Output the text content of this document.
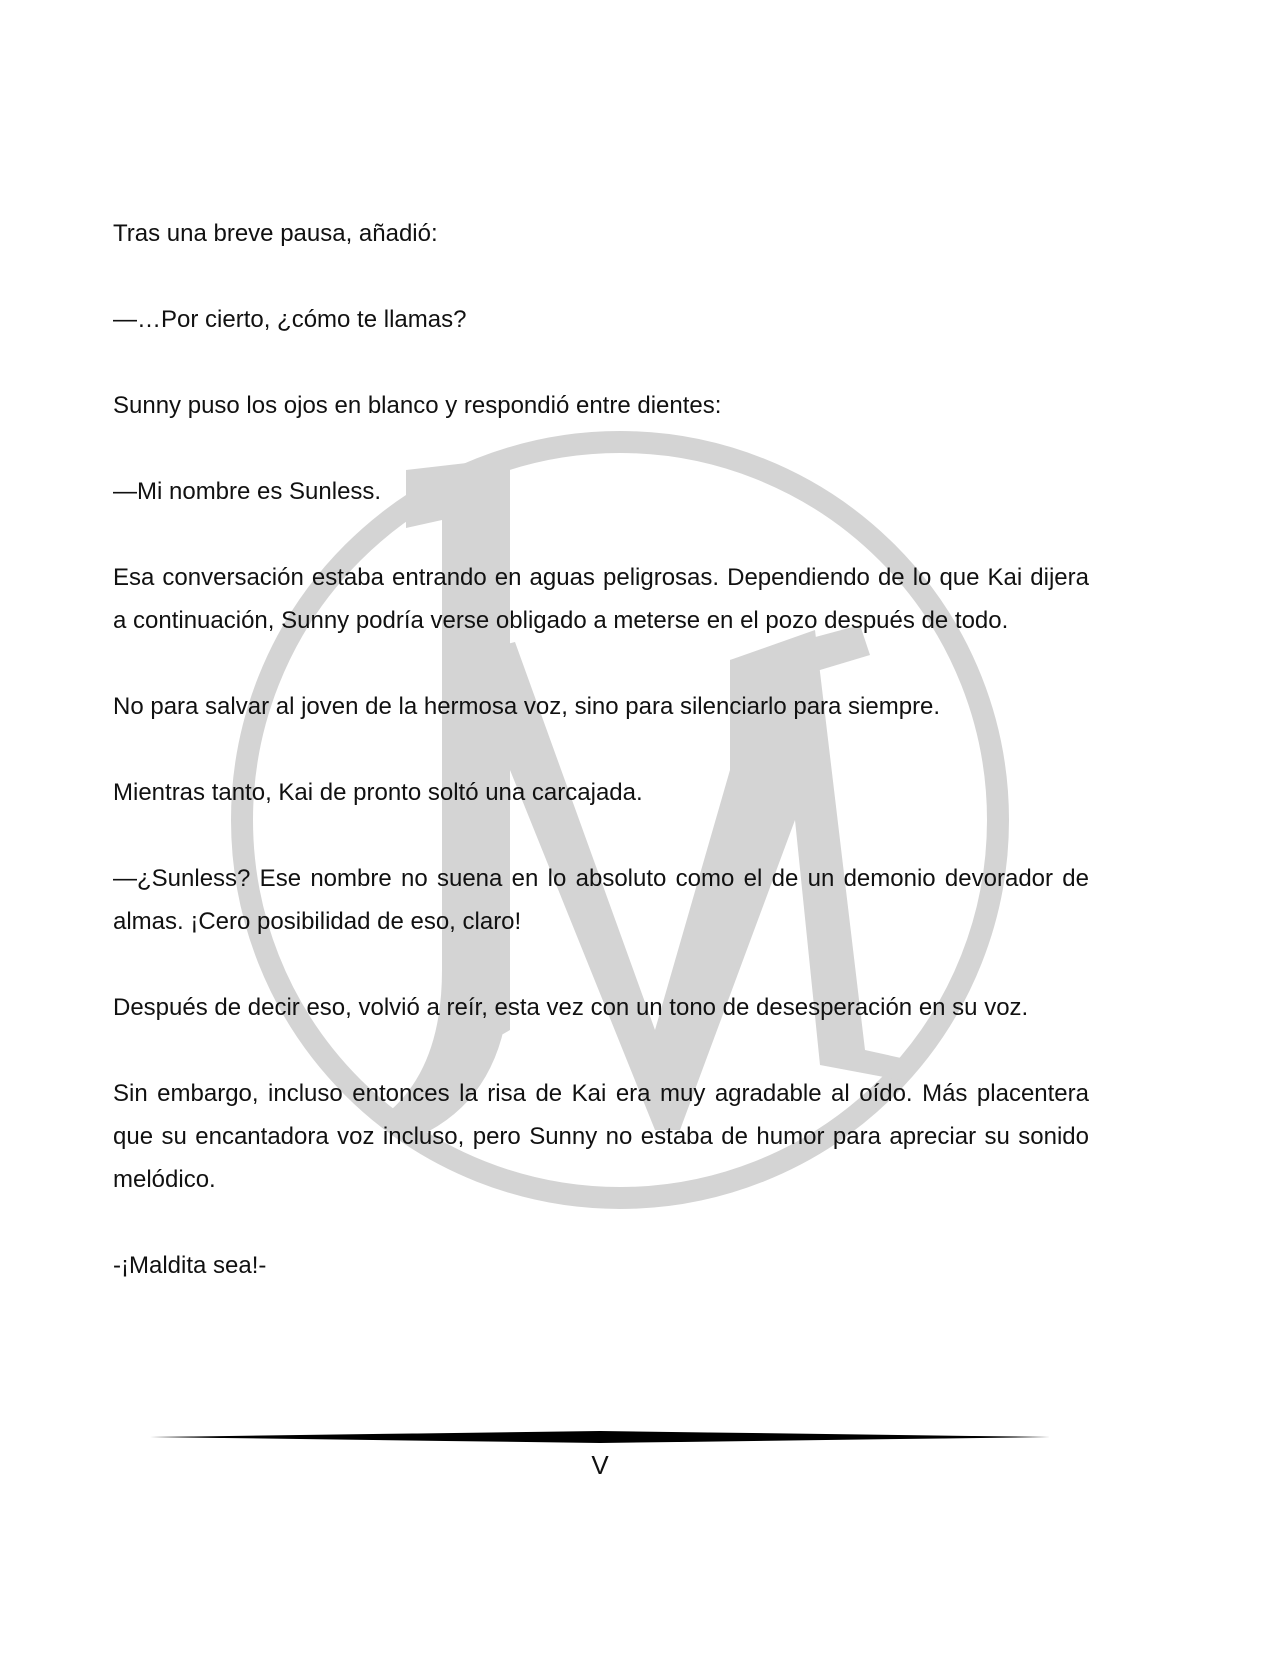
Tras una breve pausa, añadió:

—…Por cierto, ¿cómo te llamas?

Sunny puso los ojos en blanco y respondió entre dientes:

—Mi nombre es Sunless.

Esa conversación estaba entrando en aguas peligrosas. Dependiendo de lo que Kai dijera a continuación, Sunny podría verse obligado a meterse en el pozo después de todo.

No para salvar al joven de la hermosa voz, sino para silenciarlo para siempre.

Mientras tanto, Kai de pronto soltó una carcajada.

—¿Sunless? Ese nombre no suena en lo absoluto como el de un demonio devorador de almas. ¡Cero posibilidad de eso, claro!

Después de decir eso, volvió a reír, esta vez con un tono de desesperación en su voz.

Sin embargo, incluso entonces la risa de Kai era muy agradable al oído. Más placentera que su encantadora voz incluso, pero Sunny no estaba de humor para apreciar su sonido melódico.

-¡Maldita sea!-

V
